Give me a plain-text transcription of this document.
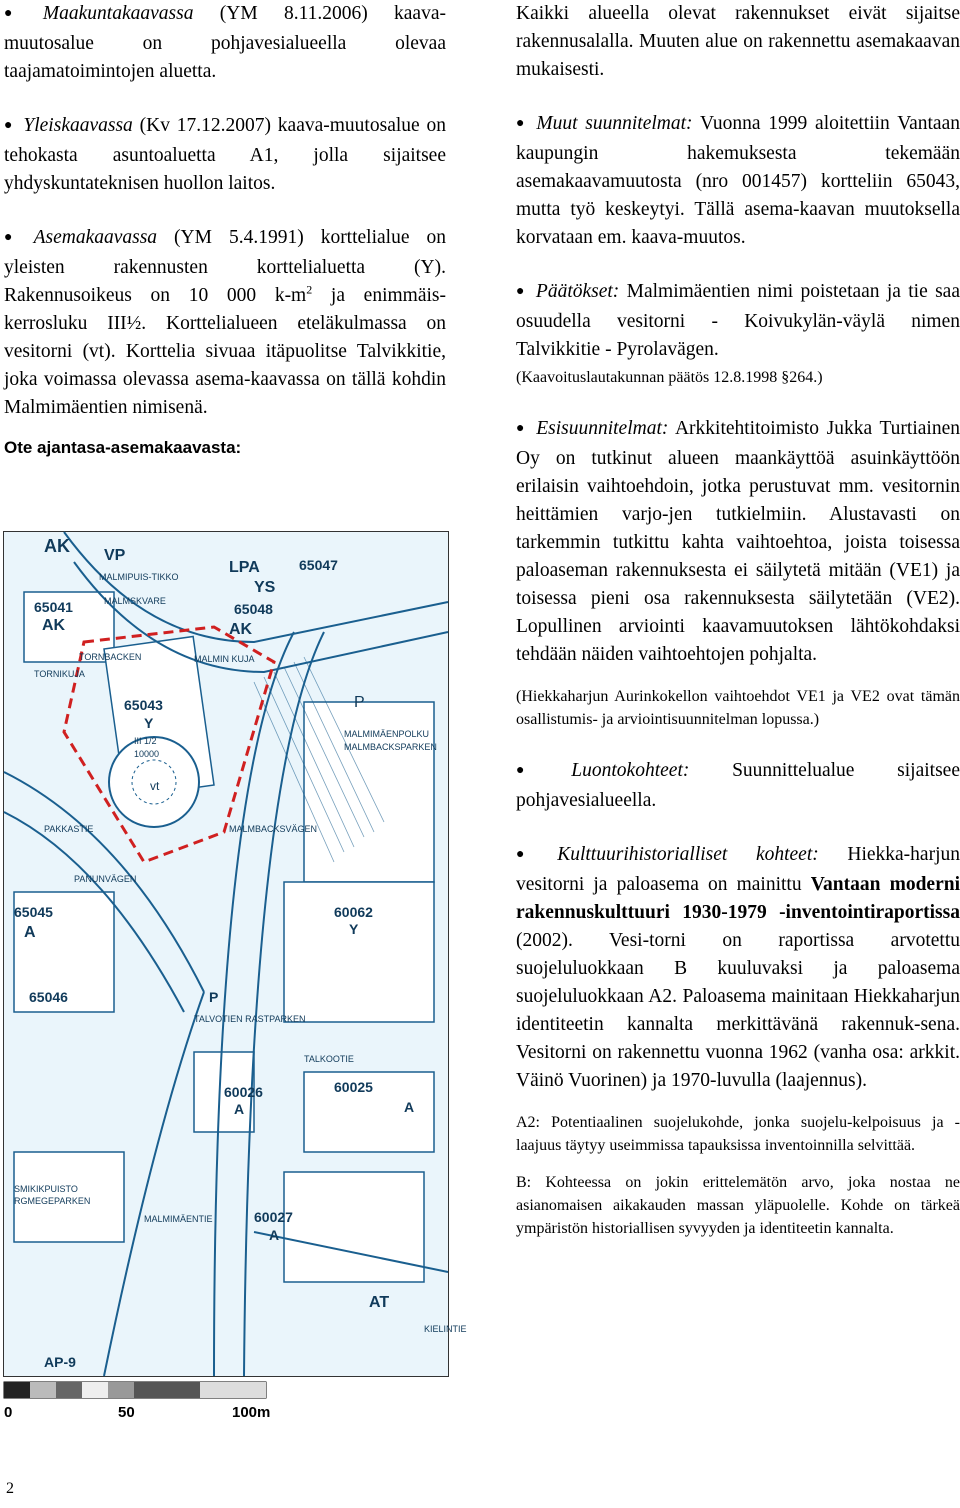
● Maakuntakaavassa (YM 8.11.2006) kaava-muutosalue on pohjavesialueella olevaa taajamatoimintojen aluetta.

● Yleiskaavassa (Kv 17.12.2007) kaava-muutosalue on tehokasta asuntoaluetta A1, jolla sijaitsee yhdyskuntateknisen huollon laitos.

● Asemakaavassa (YM 5.4.1991) korttelialue on yleisten rakennusten korttelialuetta (Y). Rakennusoikeus on 10 000 $k-m^2$ ja enimmäis-kerrosluku III½. Korttelialueen eteläkulmassa on vesitorni (vt). Korttelia sivuaa itäpuolitse Talvikkitie, joka voimassa olevassa asema-kaavassa on tällä kohdin Malmimäentien nimisenä.

Ote ajantasa-asemakaavasta:
AK VP
MALMIPUIS-TIKKO
MALMSKVARE
LPA
YS
65047
65041
AK
65048
AK
TORNIKUJA
TORNBACKEN	MALMIN KUJA
65043
Y
III 1/2
10000
vt
P
MALMIMÄENPOLKU
MALMBACKSPARKEN
PAKKASTIE	MALMBACKSVÄGEN
PANUNVÄGEN
65045
A
65046
60062
Y
P
TALVOTIEN RASTPARKEN
TALKOOTIE
60026
A
60025
A
SMIKIKPUISTO
RGMEGEPARKEN
MALMIMÄENTIE	60027
A
AT
AP-9
KIELINTIE
0	50	100m

Kaikki alueella olevat rakennukset eivät sijaitse rakennusalalla. Muuten alue on rakennettu asemakaavan mukaisesti.

● Muut suunnitelmat: Vuonna 1999 aloitettiin Vantaan kaupungin hakemuksesta tekemään asemakaavamuutosta (nro 001457) kortteliin 65043, mutta työ keskeytyi. Tällä asema-kaavan muutoksella korvataan em. kaava-muutos.

● Päätökset: Malmimäentien nimi poistetaan ja tie saa osuudella vesitorni - Koivukylän-väylä nimen Talvikkitie - Pyrolavägen.

(Kaavoituslautakunnan päätös 12.8.1998 §264.)

● Esisuunnitelmat: Arkkitehtitoimisto Jukka Turtiainen Oy on tutkinut alueen maankäyttöä asuinkäyttöön erilaisin vaihtoehdoin, jotka perustuvat mm. vesitornin heittämien varjo-jen tutkielmiin. Alustavasti on tarkemmin tutkittu kahta vaihtoehtoa, joista toisessa paloaseman rakennuksesta ei säilytetä mitään (VE1) ja toisessa pieni osa rakennuksesta säilytetään (VE2). Lopullinen arviointi kaavamuutoksen lähtökohdaksi tehdään näiden vaihtoehtojen pohjalta.

(Hiekkaharjun Aurinkokellon vaihtoehdot VE1 ja VE2 ovat tämän osallistumis- ja arviointisuunnitelman lopussa.)

● Luontokohteet: Suunnittelualue sijaitsee pohjavesialueella.

● Kulttuurihistorialliset kohteet: Hiekka-harjun vesitorni ja paloasema on mainittu Vantaan moderni rakennuskulttuuri 1930-1979 -inventointiraportissa (2002). Vesi-torni on raportissa arvotettu suojeluluokkaan B kuuluvaksi ja paloasema suojeluluokkaan A2. Paloasema mainitaan Hiekkaharjun identiteetin kannalta merkittävänä rakennuk-sena. Vesitorni on rakennettu vuonna 1962 (vanha osa: arkkit. Väinö Vuorinen) ja 1970-luvulla (laajennus).

A2: Potentiaalinen suojelukohde, jonka suojelu-kelpoisuus ja -laajuus täytyy useimmissa tapauksissa inventoinnilla selvittää.

B: Kohteessa on jokin erittelemätön arvo, joka nostaa ne asianomaisen aikakauden massan yläpuolelle. Kohde on tärkeä ympäristön historiallisen syvyyden ja identiteetin kannalta.

2
